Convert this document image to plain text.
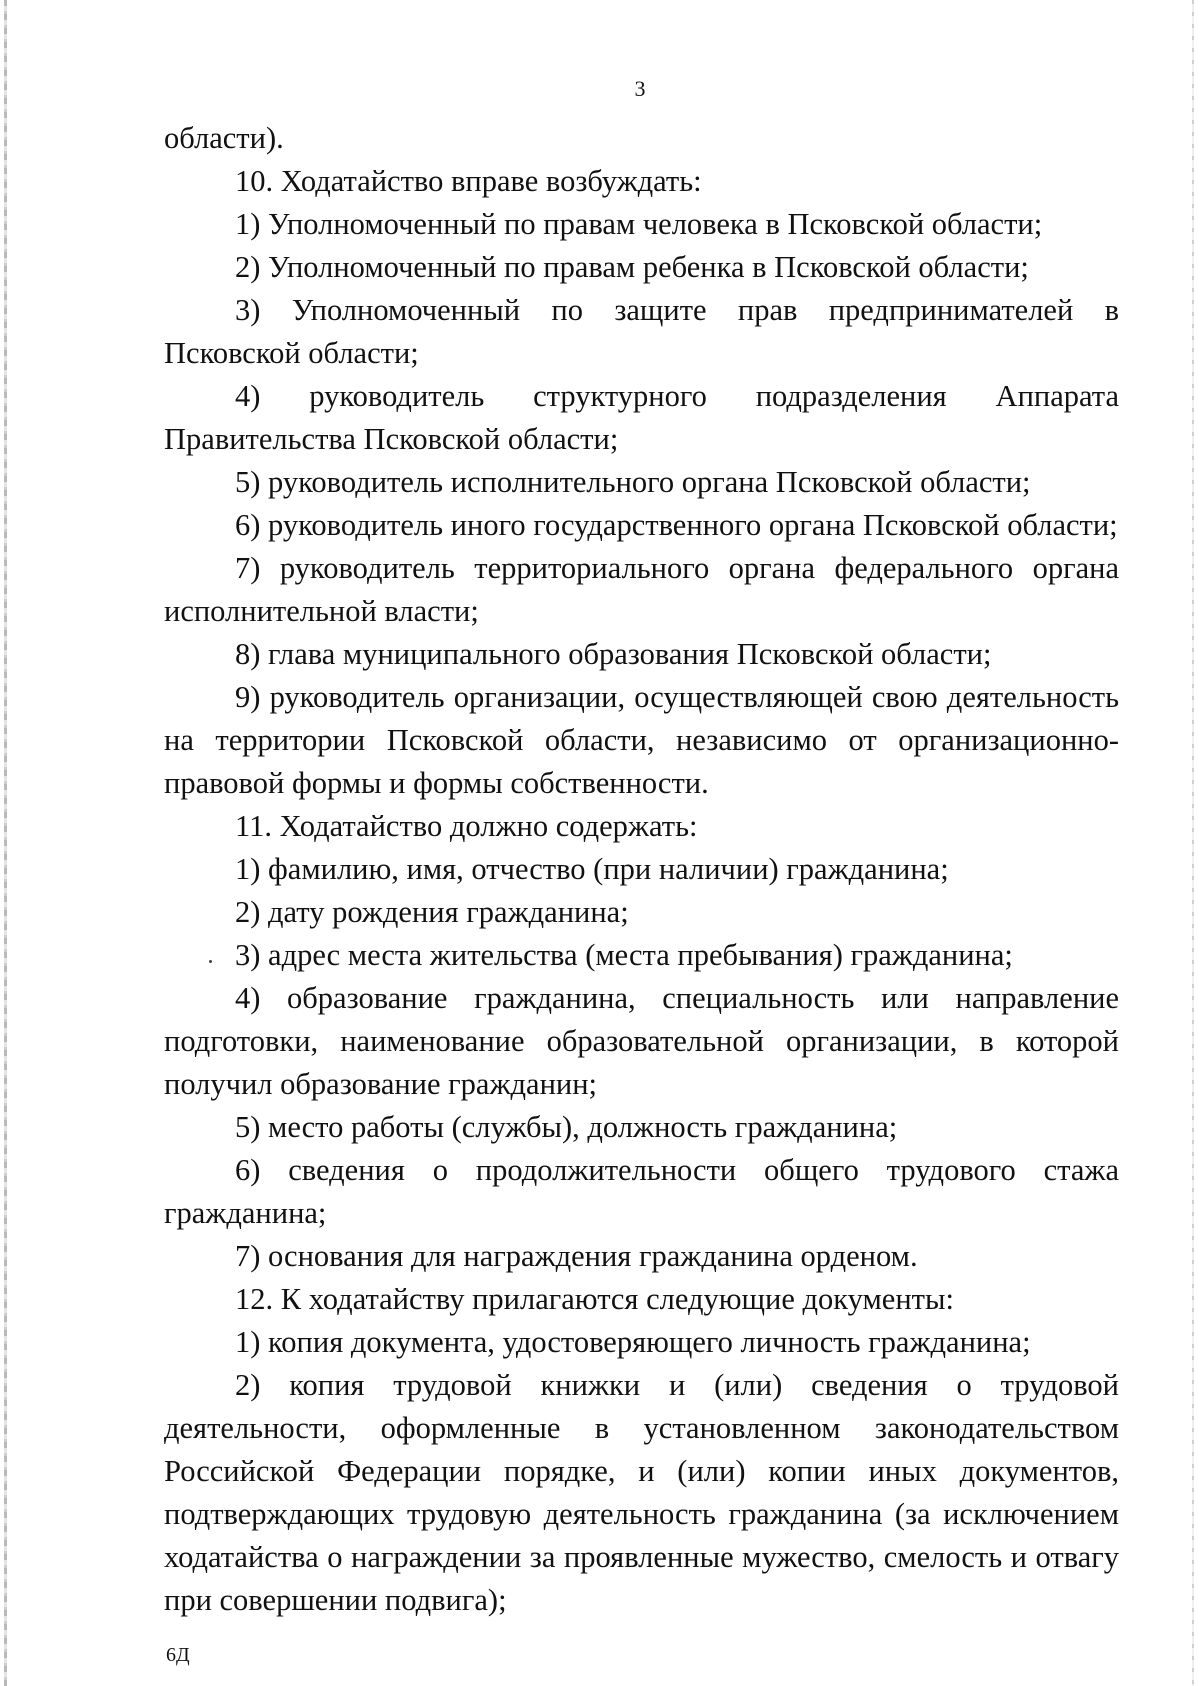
3

области).

10. Ходатайство вправе возбуждать:

1) Уполномоченный по правам человека в Псковской области;

2) Уполномоченный по правам ребенка в Псковской области;

3) Уполномоченный по защите прав предпринимателей в Псковской области;

4) руководитель структурного подразделения Аппарата Правительства Псковской области;

5) руководитель исполнительного органа Псковской области;

6) руководитель иного государственного органа Псковской области;

7) руководитель территориального органа федерального органа исполнительной власти;

8) глава муниципального образования Псковской области;

9) руководитель организации, осуществляющей свою деятельность на территории Псковской области, независимо от организационно-правовой формы и формы собственности.

11. Ходатайство должно содержать:

1) фамилию, имя, отчество (при наличии) гражданина;

2) дату рождения гражданина;

3) адрес места жительства (места пребывания) гражданина;

4) образование гражданина, специальность или направление подготовки, наименование образовательной организации, в которой получил образование гражданин;

5) место работы (службы), должность гражданина;

6) сведения о продолжительности общего трудового стажа гражданина;

7) основания для награждения гражданина орденом.

12. К ходатайству прилагаются следующие документы:

1) копия документа, удостоверяющего личность гражданина;

2) копия трудовой книжки и (или) сведения о трудовой деятельности, оформленные в установленном законодательством Российской Федерации порядке, и (или) копии иных документов, подтверждающих трудовую деятельность гражданина (за исключением ходатайства о награждении за проявленные мужество, смелость и отвагу при совершении подвига);

6Д
